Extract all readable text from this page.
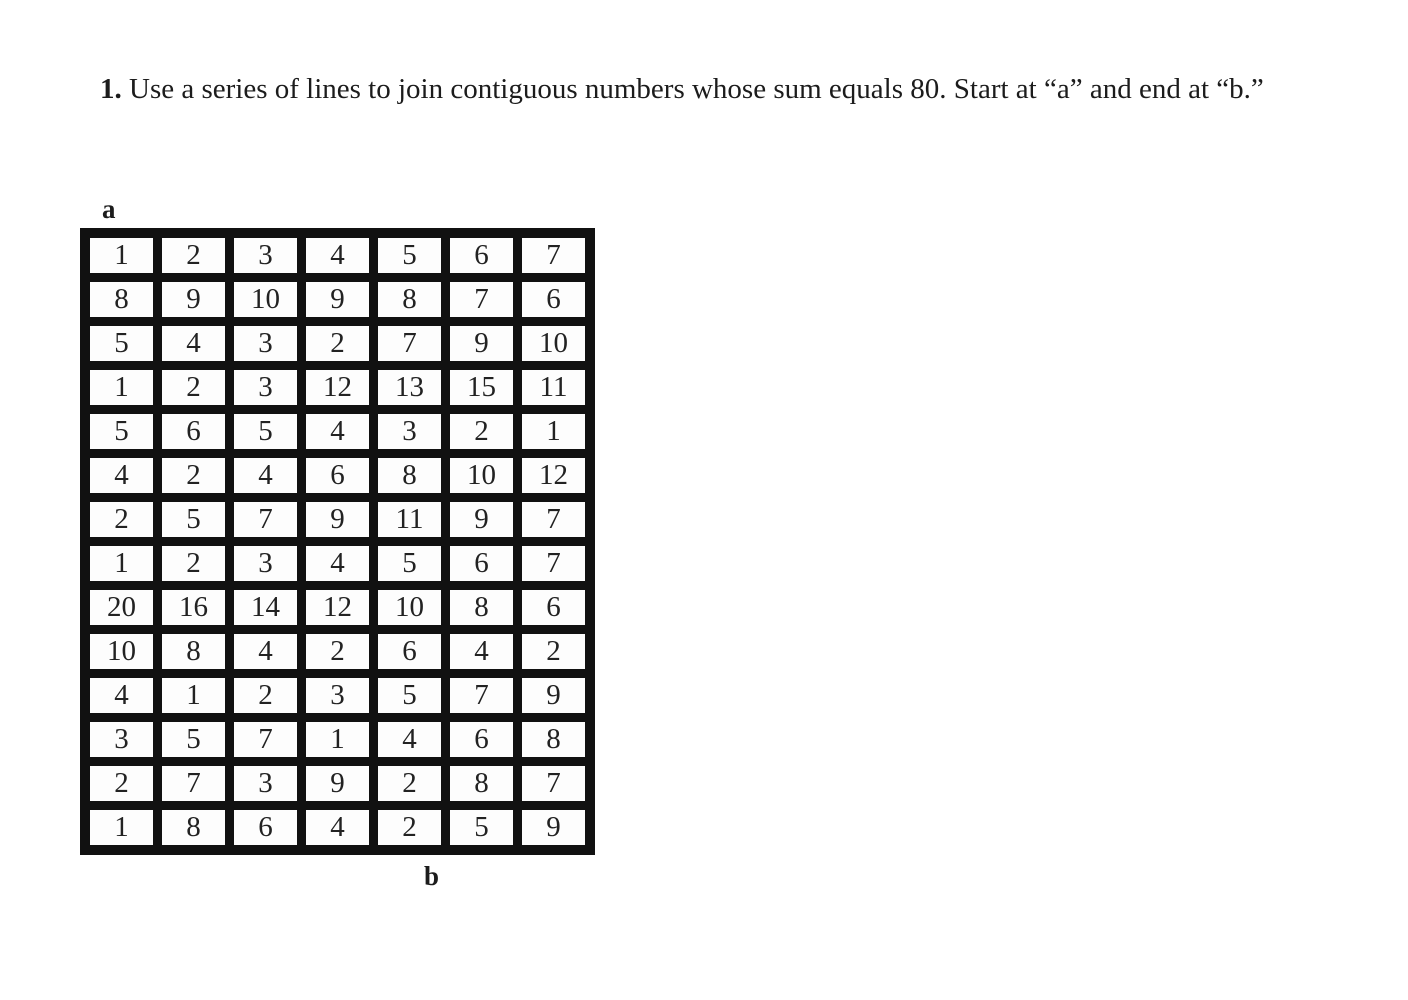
1. Use a series of lines to join contiguous numbers whose sum equals 80. Start at “a” and end at “b.”

a
1	2	3	4	5	6	7
8	9	10	9	8	7	6
5	4	3	2	7	9	10
1	2	3	12	13	15	11
5	6	5	4	3	2	1
4	2	4	6	8	10	12
2	5	7	9	11	9	7
1	2	3	4	5	6	7
20	16	14	12	10	8	6
10	8	4	2	6	4	2
4	1	2	3	5	7	9
3	5	7	1	4	6	8
2	7	3	9	2	8	7
1	8	6	4	2	5	9
b
